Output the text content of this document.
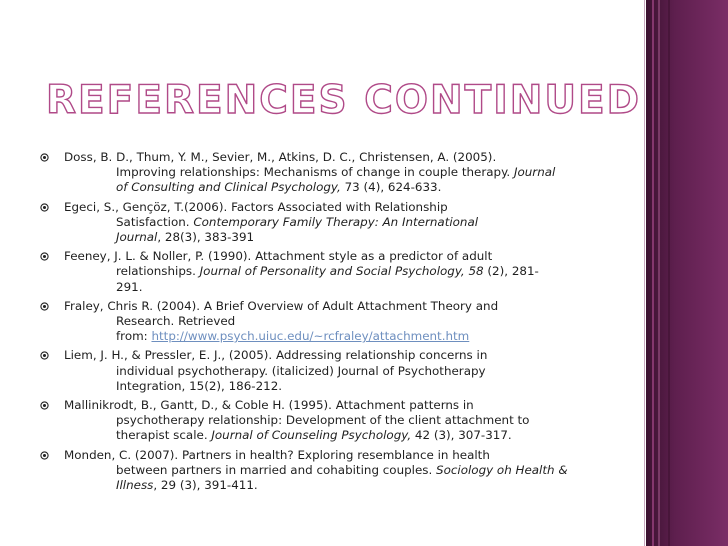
REFERENCES CONTINUED
Doss, B. D., Thum, Y. M., Sevier, M., Atkins, D. C., Christensen, A. (2005).
Improving relationships: Mechanisms of change in couple therapy. Journal
of Consulting and Clinical Psychology, 73 (4), 624-633.
Egeci, S., Gençöz, T.(2006). Factors Associated with Relationship
Satisfaction. Contemporary Family Therapy: An International
Journal, 28(3), 383-391
Feeney, J. L. & Noller, P. (1990). Attachment style as a predictor of adult
relationships. Journal of Personality and Social Psychology, 58 (2), 281-
291.
Fraley, Chris R. (2004). A Brief Overview of Adult Attachment Theory and
Research. Retrieved
from: http://www.psych.uiuc.edu/~rcfraley/attachment.htm
Liem, J. H., & Pressler, E. J., (2005). Addressing relationship concerns in
individual psychotherapy. (italicized) Journal of Psychotherapy
Integration, 15(2), 186-212.
Mallinikrodt, B., Gantt, D., & Coble H. (1995). Attachment patterns in
psychotherapy relationship: Development of the client attachment to
therapist scale. Journal of Counseling Psychology, 42 (3), 307-317.
Monden, C. (2007). Partners in health? Exploring resemblance in health
between partners in married and cohabiting couples. Sociology oh Health &
Illness, 29 (3), 391-411.
